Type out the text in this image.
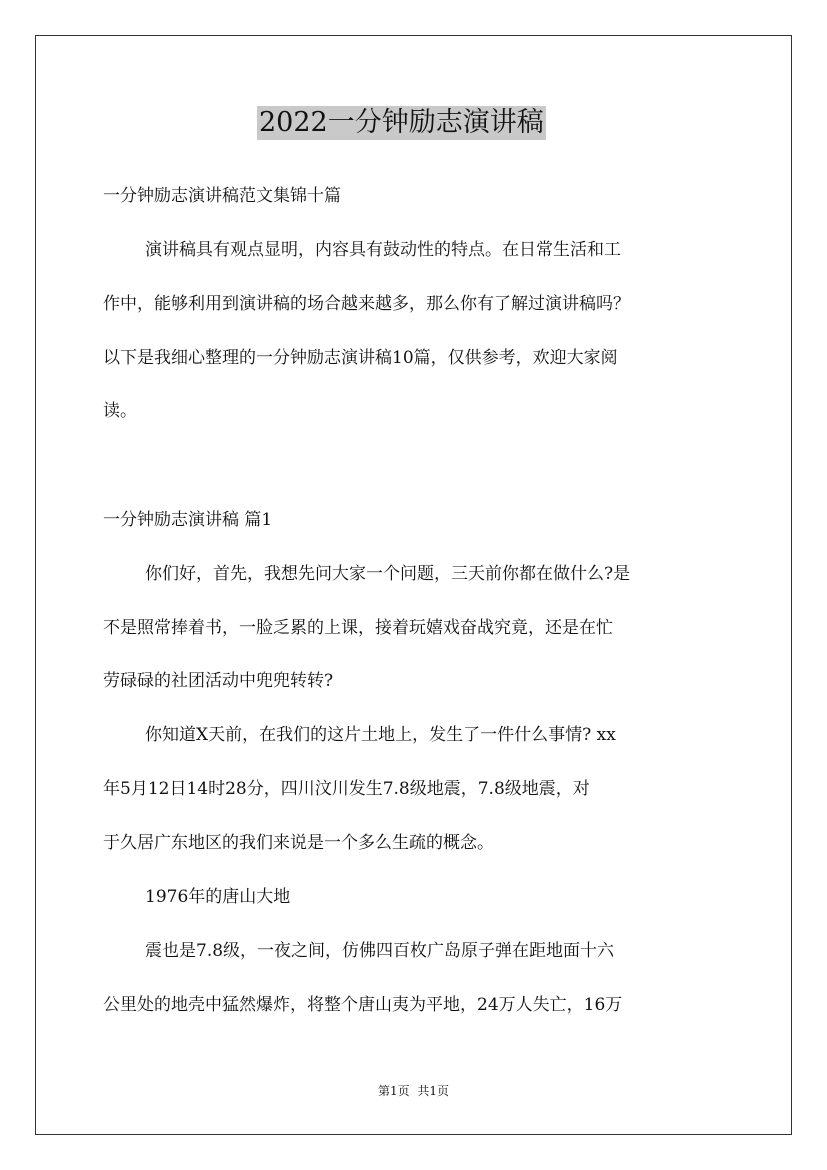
2022一分钟励志演讲稿
一分钟励志演讲稿范文集锦十篇
演讲稿具有观点显明，内容具有鼓动性的特点。在日常生活和工
作中，能够利用到演讲稿的场合越来越多，那么你有了解过演讲稿吗？
以下是我细心整理的一分钟励志演讲稿10篇，仅供参考，欢迎大家阅
读。
一分钟励志演讲稿 篇1
你们好，首先，我想先问大家一个问题，三天前你都在做什么?是
不是照常捧着书，一脸乏累的上课，接着玩嬉戏奋战究竟，还是在忙
劳碌碌的社团活动中兜兜转转?
你知道X天前，在我们的这片土地上，发生了一件什么事情? xx
年5月12日14时28分，四川汶川发生7.8级地震，7.8级地震，对
于久居广东地区的我们来说是一个多么生疏的概念。
1976年的唐山大地
震也是7.8级，一夜之间，仿佛四百枚广岛原子弹在距地面十六
公里处的地壳中猛然爆炸，将整个唐山夷为平地，24万人失亡，16万
第1页 共1页
